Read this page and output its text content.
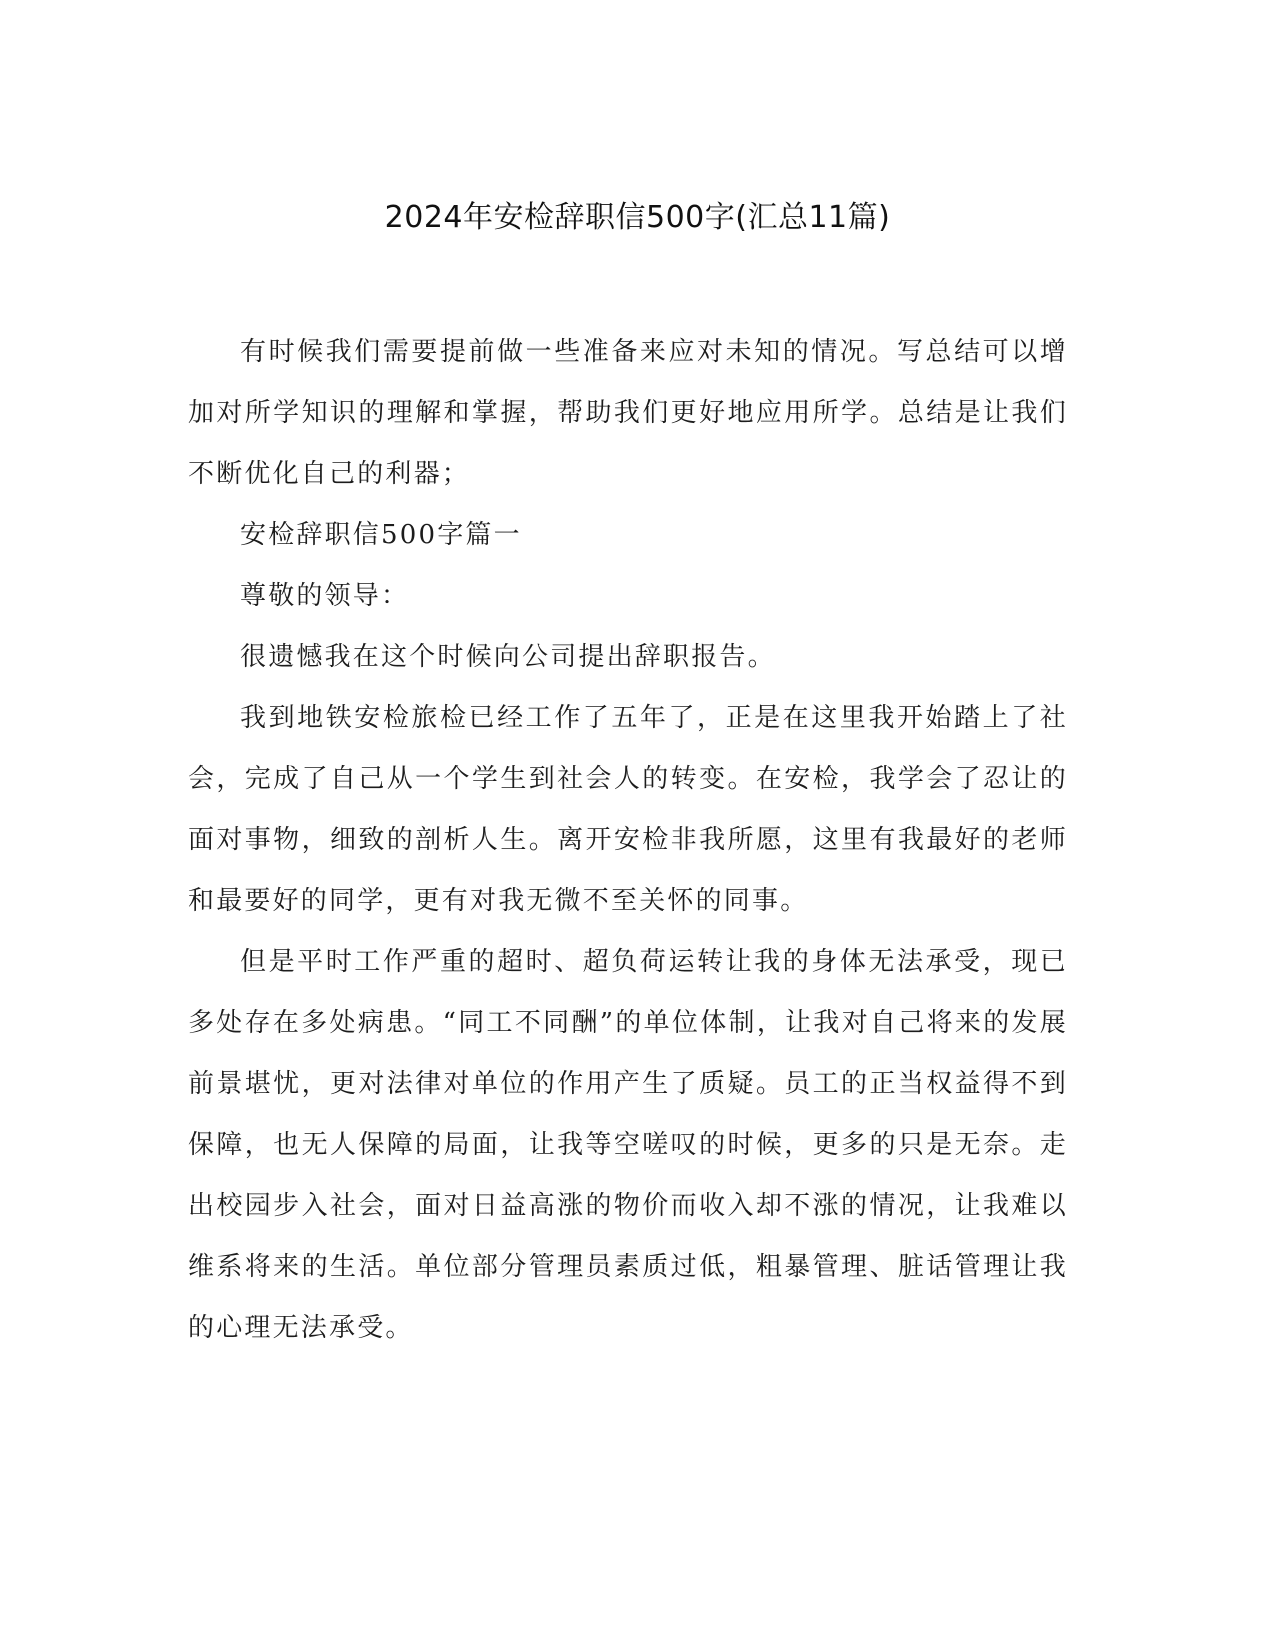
2024年安检辞职信500字(汇总11篇)

有时候我们需要提前做一些准备来应对未知的情况。写总结可以增加对所学知识的理解和掌握，帮助我们更好地应用所学。总结是让我们不断优化自己的利器；

安检辞职信500字篇一

尊敬的领导：

很遗憾我在这个时候向公司提出辞职报告。

我到地铁安检旅检已经工作了五年了，正是在这里我开始踏上了社会，完成了自己从一个学生到社会人的转变。在安检，我学会了忍让的面对事物，细致的剖析人生。离开安检非我所愿，这里有我最好的老师和最要好的同学，更有对我无微不至关怀的同事。

但是平时工作严重的超时、超负荷运转让我的身体无法承受，现已多处存在多处病患。“同工不同酬”的单位体制，让我对自己将来的发展前景堪忧，更对法律对单位的作用产生了质疑。员工的正当权益得不到保障，也无人保障的局面，让我等空嗟叹的时候，更多的只是无奈。走出校园步入社会，面对日益高涨的物价而收入却不涨的情况，让我难以维系将来的生活。单位部分管理员素质过低，粗暴管理、脏话管理让我的心理无法承受。
